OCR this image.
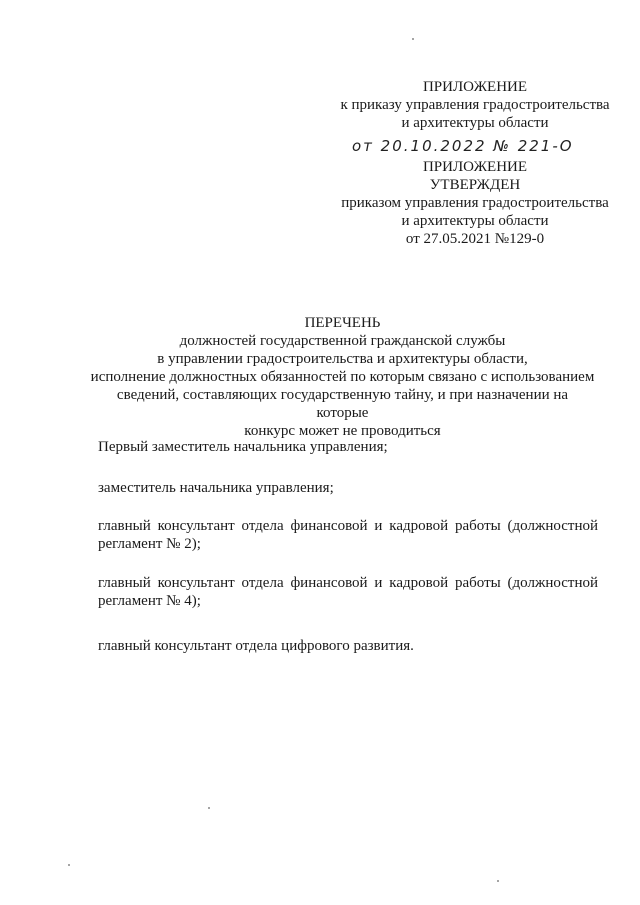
ПРИЛОЖЕНИЕ
к приказу управления градостроительства
и архитектуры области
от 20.10.2022 № 221-О
ПРИЛОЖЕНИЕ
УТВЕРЖДЕН
приказом управления градостроительства
и архитектуры области
от 27.05.2021 №129-0
ПЕРЕЧЕНЬ
должностей государственной гражданской службы
в управлении градостроительства и архитектуры области,
исполнение должностных обязанностей по которым связано с использованием
сведений, составляющих государственную тайну, и при назначении на которые
конкурс может не проводиться
Первый заместитель начальника управления;
заместитель начальника управления;
главный консультант отдела финансовой и кадровой работы (должностной регламент № 2);
главный консультант отдела финансовой и кадровой работы (должностной регламент № 4);
главный консультант отдела цифрового развития.
